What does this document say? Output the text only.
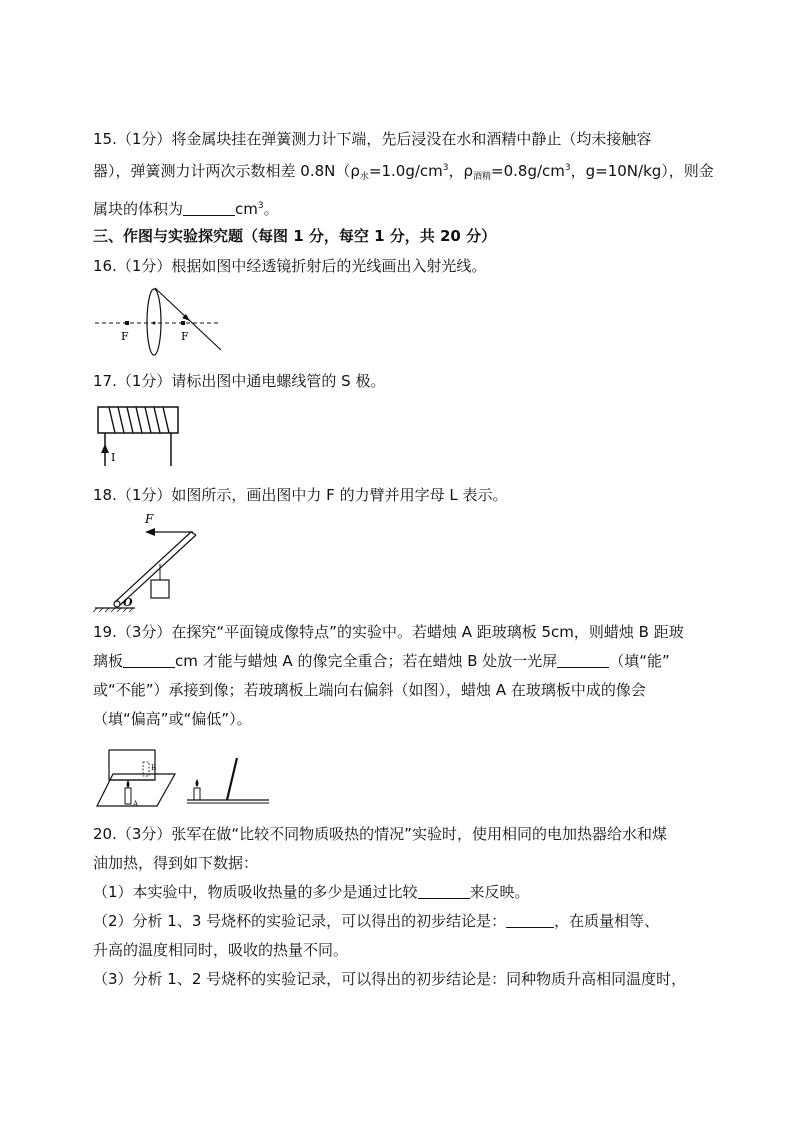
15.（1分）将金属块挂在弹簧测力计下端，先后浸没在水和酒精中静止（均未接触容
器），弹簧测力计两次示数相差 $0.8N(\rho_水=1.0g/cm^3$，$\rho_{酒精}=0.8g/cm^3$，g=10N/kg），则金
属块的体积为	$cm^3$。
三、作图与实验探究题（每图 1 分，每空 1 分，共 20 分）
16.（1分）根据如图中经透镜折射后的光线画出入射光线。
F	F
17.（1分）请标出图中通电螺线管的 S 极。
I
18.（1分）如图所示，画出图中力 F 的力臂并用字母 L 表示。
F
O
19.（3分）在探究“平面镜成像特点”的实验中。若蜡烛 A 距玻璃板 5cm，则蜡烛 B 距玻
璃板	cm 才能与蜡烛 A 的像完全重合；若在蜡烛 B 处放一光屏	（填“能”
或“不能”）承接到像；若玻璃板上端向右偏斜（如图），蜡烛 A 在玻璃板中成的像会
（填“偏高”或“偏低”）。
A
B
20.（3分）张军在做“比较不同物质吸热的情况”实验时，使用相同的电加热器给水和煤
油加热，得到如下数据：
（1）本实验中，物质吸收热量的多少是通过比较	来反映。
（2）分析 1、3 号烧杯的实验记录，可以得出的初步结论是：	，在质量相等、
升高的温度相同时，吸收的热量不同。
（3）分析 1、2 号烧杯的实验记录，可以得出的初步结论是：同种物质升高相同温度时，
